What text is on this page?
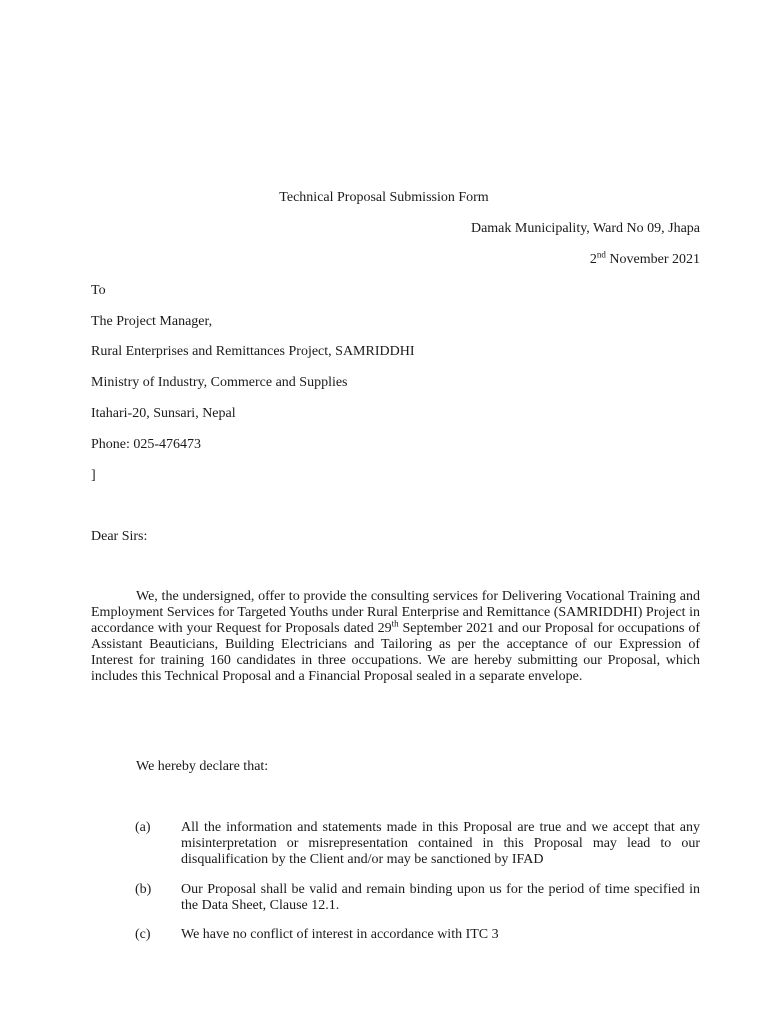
Technical Proposal Submission Form
Damak Municipality, Ward No 09, Jhapa
2nd November 2021
To
The Project Manager,
Rural Enterprises and Remittances Project, SAMRIDDHI
Ministry of Industry, Commerce and Supplies
Itahari-20, Sunsari, Nepal
Phone: 025-476473
]
Dear Sirs:

We, the undersigned, offer to provide the consulting services for Delivering Vocational Training and Employment Services for Targeted Youths under Rural Enterprise and Remittance (SAMRIDDHI) Project in accordance with your Request for Proposals dated 29th September 2021 and our Proposal for occupations of Assistant Beauticians, Building Electricians and Tailoring as per the acceptance of our Expression of Interest for training 160 candidates in three occupations. We are hereby submitting our Proposal, which includes this Technical Proposal and a Financial Proposal sealed in a separate envelope.

We hereby declare that:
(a) All the information and statements made in this Proposal are true and we accept that any misinterpretation or misrepresentation contained in this Proposal may lead to our disqualification by the Client and/or may be sanctioned by IFAD
(b) Our Proposal shall be valid and remain binding upon us for the period of time specified in the Data Sheet, Clause 12.1.
(c) We have no conflict of interest in accordance with ITC 3
